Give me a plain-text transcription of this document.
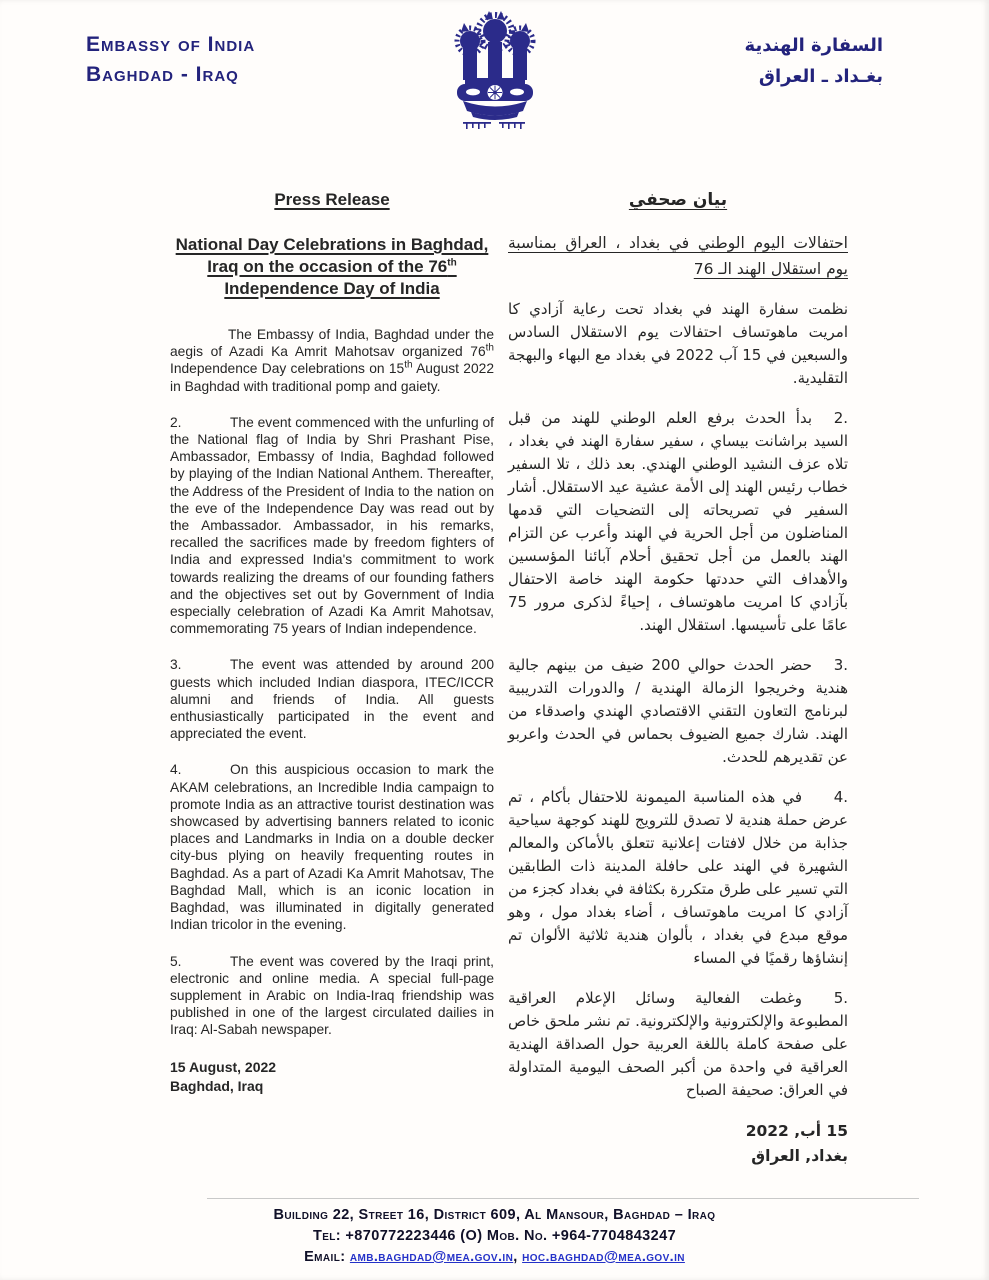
Embassy of India
Baghdad - Iraq
السفارة الهندية
بغـداد ـ العراق
Press Release
National Day Celebrations in Baghdad, Iraq on the occasion of the 76th Independence Day of India

The Embassy of India, Baghdad under the aegis of Azadi Ka Amrit Mahotsav organized 76th Independence Day celebrations on 15th August 2022 in Baghdad with traditional pomp and gaiety.

2.	The event commenced with the unfurling of the National flag of India by Shri Prashant Pise, Ambassador, Embassy of India, Baghdad followed by playing of the Indian National Anthem. Thereafter, the Address of the President of India to the nation on the eve of the Independence Day was read out by the Ambassador. Ambassador, in his remarks, recalled the sacrifices made by freedom fighters of India and expressed India's commitment to work towards realizing the dreams of our founding fathers and the objectives set out by Government of India especially celebration of Azadi Ka Amrit Mahotsav, commemorating 75 years of Indian independence.

3.	The event was attended by around 200 guests which included Indian diaspora, ITEC/ICCR alumni and friends of India. All guests enthusiastically participated in the event and appreciated the event.

4.	On this auspicious occasion to mark the AKAM celebrations, an Incredible India campaign to promote India as an attractive tourist destination was showcased by advertising banners related to iconic places and Landmarks in India on a double decker city-bus plying on heavily frequenting routes in Baghdad. As a part of Azadi Ka Amrit Mahotsav, The Baghdad Mall, which is an iconic location in Baghdad, was illuminated in digitally generated Indian tricolor in the evening.

5.	The event was covered by the Iraqi print, electronic and online media. A special full-page supplement in Arabic on India-Iraq friendship was published in one of the largest circulated dailies in Iraq: Al-Sabah newspaper.

15 August, 2022
Baghdad, Iraq
بيان صحفي
احتفالات اليوم الوطني في بغداد ، العراق بمناسبة يوم استقلال الهند الـ 76

نظمت سفارة الهند في بغداد تحت رعاية آزادي كا امريت ماهوتساف احتفالات يوم الاستقلال السادس والسبعين في 15 آب 2022 في بغداد مع البهاء والبهجة التقليدية.

2.بدأ الحدث برفع العلم الوطني للهند من قبل السيد براشانت بيساي ، سفير سفارة الهند في بغداد ، تلاه عزف النشيد الوطني الهندي. بعد ذلك ، تلا السفير خطاب رئيس الهند إلى الأمة عشية عيد الاستقلال. أشار السفير في تصريحاته إلى التضحيات التي قدمها المناضلون من أجل الحرية في الهند وأعرب عن التزام الهند بالعمل من أجل تحقيق أحلام آبائنا المؤسسين والأهداف التي حددتها حكومة الهند خاصة الاحتفال بآزادي كا امريت ماهوتساف ، إحياءً لذكرى مرور 75 عامًا على تأسيسها. استقلال الهند.

3.حضر الحدث حوالي 200 ضيف من بينهم جالية هندية وخريجوا الزمالة الهندية / والدورات التدريبية لبرنامج التعاون التقني الاقتصادي الهندي واصدقاء من الهند. شارك جميع الضيوف بحماس في الحدث واعربو عن تقديرهم للحدث.

4.في هذه المناسبة الميمونة للاحتفال بأكام ، تم عرض حملة هندية لا تصدق للترويج للهند كوجهة سياحية جذابة من خلال لافتات إعلانية تتعلق بالأماكن والمعالم الشهيرة في الهند على حافلة المدينة ذات الطابقين التي تسير على طرق متكررة بكثافة في بغداد كجزء من آزادي كا امريت ماهوتساف ، أضاء بغداد مول ، وهو موقع مبدع في بغداد ، بألوان هندية ثلاثية الألوان تم إنشاؤها رقميًا في المساء

5.وغطت الفعالية وسائل الإعلام العراقية المطبوعة والإلكترونية والإلكترونية. تم نشر ملحق خاص على صفحة كاملة باللغة العربية حول الصداقة الهندية العراقية في واحدة من أكبر الصحف اليومية المتداولة في العراق: صحيفة الصباح

15 أب, 2022
بغداد, العراق
Building 22, Street 16, District 609, Al Mansour, Baghdad – Iraq
Tel: +870772223446 (O) Mob. No. +964-7704843247
Email: amb.baghdad@mea.gov.in, hoc.baghdad@mea.gov.in
